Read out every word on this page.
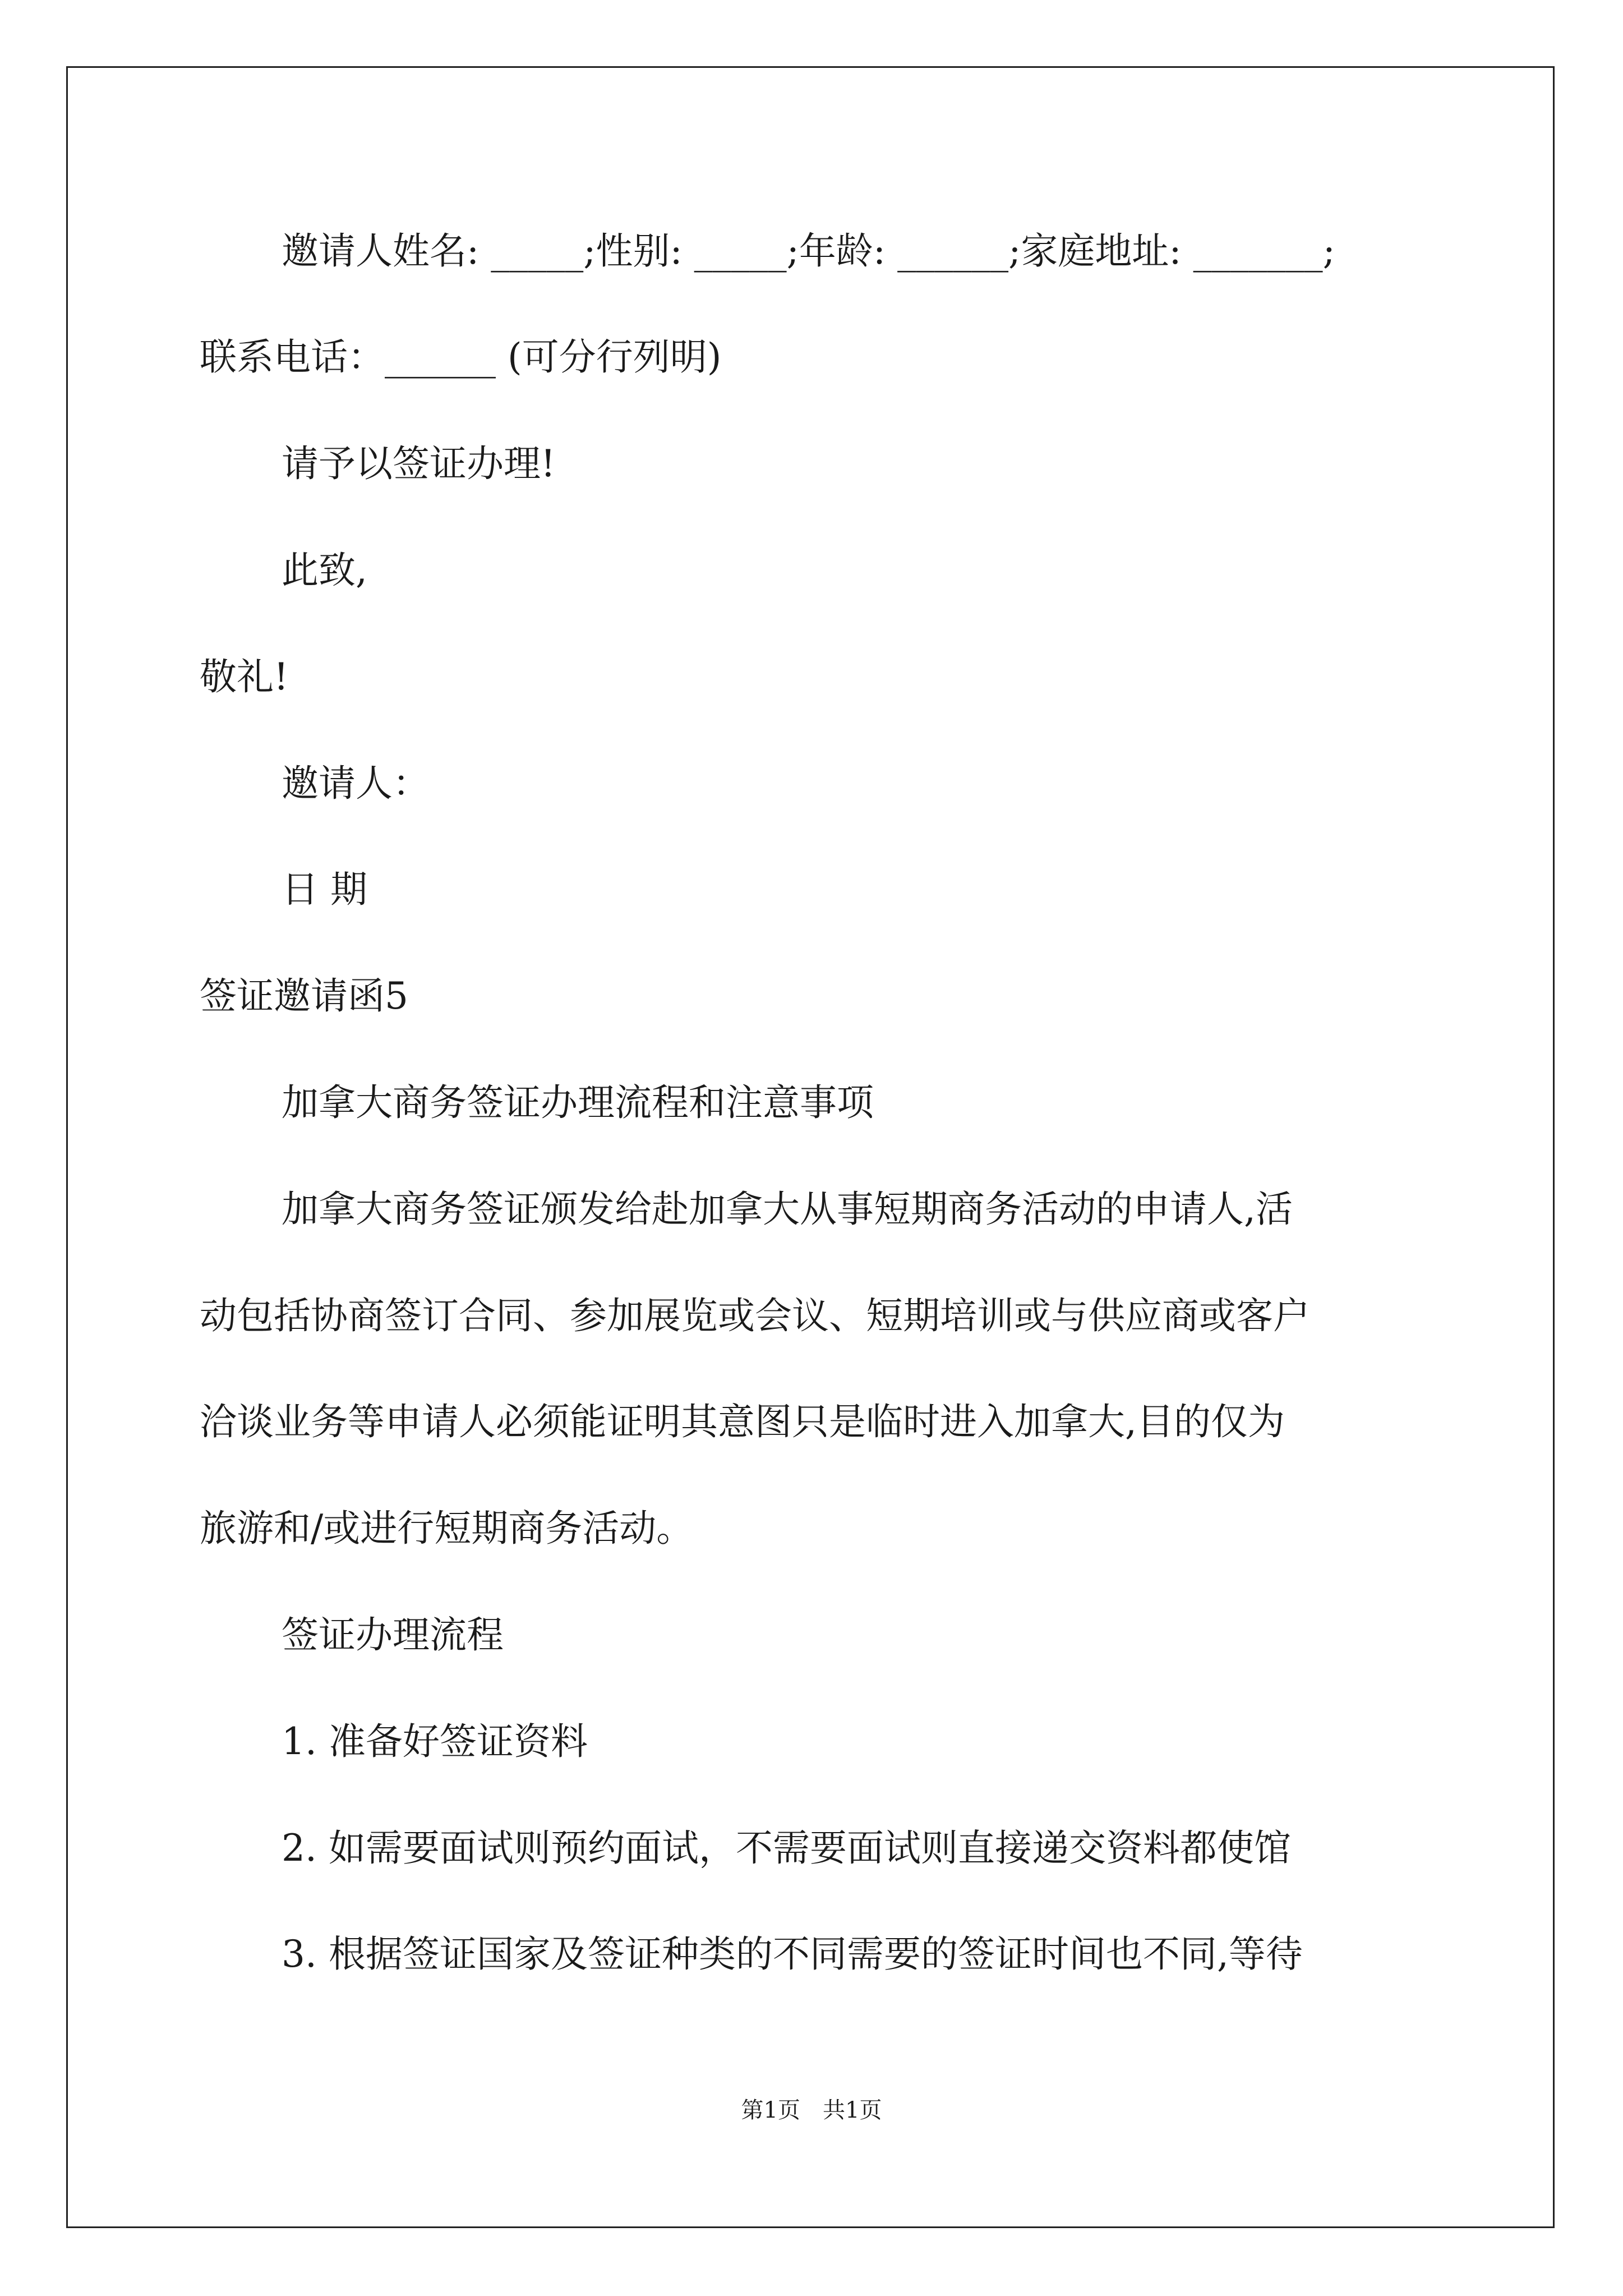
邀请人姓名: _____;性别: _____;年龄: ______;家庭地址: _______;
联系电话：______ (可分行列明)
请予以签证办理!
此致,
敬礼!
邀请人：
日 期
签证邀请函5
加拿大商务签证办理流程和注意事项
加拿大商务签证颁发给赴加拿大从事短期商务活动的申请人,活
动包括协商签订合同、参加展览或会议、短期培训或与供应商或客户
洽谈业务等申请人必须能证明其意图只是临时进入加拿大,目的仅为
旅游和/或进行短期商务活动。
签证办理流程
1. 准备好签证资料
2. 如需要面试则预约面试，不需要面试则直接递交资料都使馆
3. 根据签证国家及签证种类的不同需要的签证时间也不同,等待
第1页　共1页
